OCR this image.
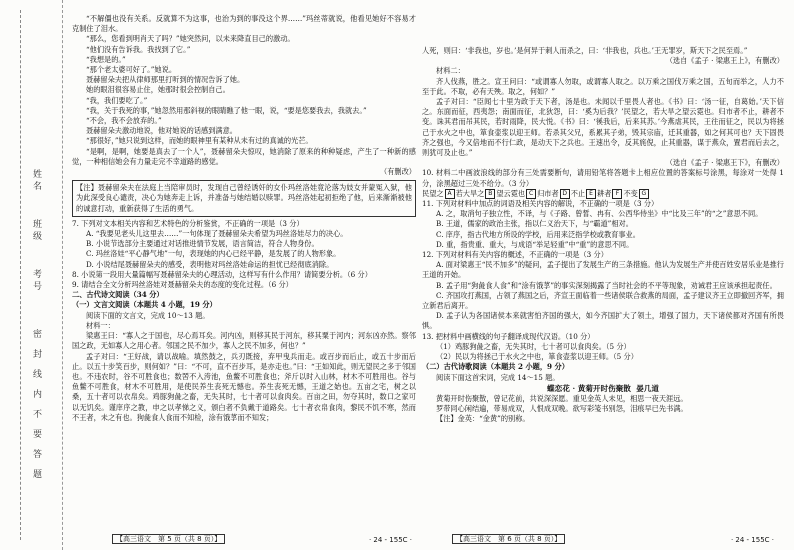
姓
名
班
级
考
号
密
封
线
内
不
要
答
题

“不解僵也没有关系。反就算不为这事，也治为到的事没这个界……”玛丝蒂就说，他看见她好不容易才克制住了泪水。

“那么，您看到明肖天了吗？”她突然问，以未来降直目己的激动。

“他们没有告诉我。我找到了它。”

“我想是的。”

“那个老太婆可好了。”她说。

聂赫留朵夫把从律师那里打听到的情况告诉了她。

她的眼泪很容易止住，她那时很会控制自己。

“我，我们要吃了。”

“我，关于我死的事，”她忽然用那斜视的眼睛瞧了他一眼，说，“要是您要我去，我就去。”

“不会，我不会放弃的。”

聂赫留朵夫激动地说，他对她说的话感到满意。

“那很好，”她只说到这样，而她的眼神里有某种从未有过的真诚的光芒。

“是啊，是啊，她要是真去了一个人”，聂赫留朵夫惊叹，她消除了原来的种种疑虑，产生了一种新的感觉，一种相信她会有力量走完不幸道路的感觉。

（有删改）

【注】聂赫留朵夫在法庭上当陪审员时，发现自己曾经诱奸的女仆玛丝洛娃竟沦落为妓女并蒙冤入狱，他为此深受良心谴责，决心为她奔走上诉，并准备与她结婚以赎罪。玛丝洛娃起初拒绝了他，后来渐渐被他的诚意打动，重新获得了生活的勇气。

7. 下列对文本相关内容和艺术特色的分析鉴赏，不正确的一项是（3 分）

A. “我要见老头儿这里去……”一句体现了聂赫留朵夫希望为玛丝洛娃尽力的决心。

B. 小说节选部分主要通过对话推进情节发展，语言简洁，符合人物身份。

C. 玛丝洛娃“平心静气地”一句，表现她的内心已经平静，是发展了的人物形象。

D. 小说结尾聂赫留朵夫的感受，表明他对玛丝洛娃命运的担忧已经彻底消除。

8. 小说第一段用大量篇幅写聂赫留朵夫的心理活动，这样写有什么作用？请简要分析。（6 分）

9. 请结合全文分析玛丝洛娃对聂赫留朵夫的态度的变化过程。（6 分）

二、古代诗文阅读（34 分）

（一）文言文阅读（本题共 4 小题，19 分）

阅读下面的文言文，完成 10～13 题。

材料一：

梁惠王曰：“寡人之于国也，尽心焉耳矣。河内凶，则移其民于河东，移其粟于河内；河东凶亦然。察邻国之政，无如寡人之用心者。邻国之民不加少，寡人之民不加多，何也？”

孟子对曰：“王好战，请以战喻。填然鼓之，兵刃既接，弃甲曳兵而走。或百步而后止，或五十步而后止。以五十步笑百步，则何如？”曰：“不可，直不百步耳，是亦走也。”曰：“王如知此，则无望民之多于邻国也。不违农时，谷不可胜食也；数罟不入洿池，鱼鳖不可胜食也；斧斤以时入山林，材木不可胜用也。谷与鱼鳖不可胜食，材木不可胜用，是使民养生丧死无憾也。养生丧死无憾，王道之始也。五亩之宅，树之以桑，五十者可以衣帛矣。鸡豚狗彘之畜，无失其时，七十者可以食肉矣。百亩之田，勿夺其时，数口之家可以无饥矣。谨庠序之教，申之以孝悌之义，颁白者不负戴于道路矣。七十者衣帛食肉，黎民不饥不寒，然而不王者，未之有也。狗彘食人食而不知检，涂有饿莩而不知发；

【高三语文　第 5 页（共 8 页）】	· 24 - 155C ·

人死，则曰：‘非我也，岁也。’是何异于刺人而杀之，曰：‘非我也，兵也。’王无罪岁，斯天下之民至焉。”

（选自《孟子 · 梁惠王上》，有删改）

材料二：

齐人伐燕，胜之。宣王问曰：“或谓寡人勿取，或谓寡人取之。以万乘之国伐万乘之国，五旬而举之，人力不至于此。不取，必有天殃。取之，何如？”

孟子对曰：“臣闻七十里为政于天下者，汤是也。未闻以千里畏人者也。《书》曰：‘汤一征，自葛始。’天下信之。东面而征，西夷怨；南面而征，北狄怨，曰：‘奚为后我？’民望之，若大旱之望云霓也。归市者不止，耕者不变。诛其君而吊其民，若时雨降，民大悦。《书》曰：‘徯我后，后来其苏。’今燕虐其民，王往而征之，民以为将拯己于水火之中也，箪食壶浆以迎王师。若杀其父兄，系累其子弟，毁其宗庙，迁其重器，如之何其可也？天下固畏齐之强也，今又倍地而不行仁政，是动天下之兵也。王速出令，反其旄倪，止其重器，谋于燕众，置君而后去之，则犹可及止也。”

（选自《孟子 · 梁惠王下》，有删改）

10. 材料二中画波浪线的部分有三处需要断句，请用铅笔将答题卡上相应位置的答案标号涂黑，每涂对一处得 1 分，涂黑超过三处不给分。（3 分）

民望之 A 若大旱之 B 望云霓也 C 归市者 D 不止 E 耕者 F 不变 G

11. 下列对材料中加点的词语及相关内容的解说，不正确的一项是（3 分）

A. 之，取消句子独立性，不译，与《子路、曾皙、冉有、公西华侍坐》中“比及三年”的“之”意思不同。

B. 王道，儒家的政治主张，指以仁义治天下，与“霸道”相对。

C. 庠序，指古代地方所设的学校，后用来泛指学校或教育事业。

D. 重，指贵重、重大，与成语“举足轻重”中“重”的意思不同。

12. 下列对材料有关内容的概述，不正确的一项是（3 分）

A. 面对梁惠王“民不加多”的疑问，孟子提出了发展生产的三条措施。他认为发展生产并使百姓安居乐业是推行王道的开始。

B. 孟子用“狗彘食人食”和“涂有饿莩”的事实深刻揭露了当时社会的不平等现象，劝诫君王应该承担起责任。

C. 齐国攻打燕国，占领了燕国之后，齐宣王面临着一些诸侯联合救燕的局面，孟子建议齐王立即撤回齐军，拥立新君后离开。

D. 孟子认为各国诸侯本来就害怕齐国的强大，如今齐国扩大了领土，增强了国力，天下诸侯都对齐国有所畏惧。

13. 把材料中画横线的句子翻译成现代汉语。（10 分）

（1）鸡豚狗彘之畜，无失其时，七十者可以食肉矣。（5 分）

（2）民以为将拯己于水火之中也，箪食壶浆以迎王师。（5 分）

（二）古代诗歌阅读（本题共 2 小题，9 分）

阅读下面这首宋词，完成 14～15 题。

蝶恋花 · 黄菊开时伤聚散 晏几道

黄菊开时伤聚散，曾记花前，共说深深愿。重见金英人未见，相思一夜天涯远。

罗带同心闲结遍，带易成双，人恨成双晚。欲写彩笺书别怨，泪痕早已先书满。

【注】金英：“金黄”的别称。

【高三语文　第 6 页（共 8 页）】	· 24 - 155C ·
